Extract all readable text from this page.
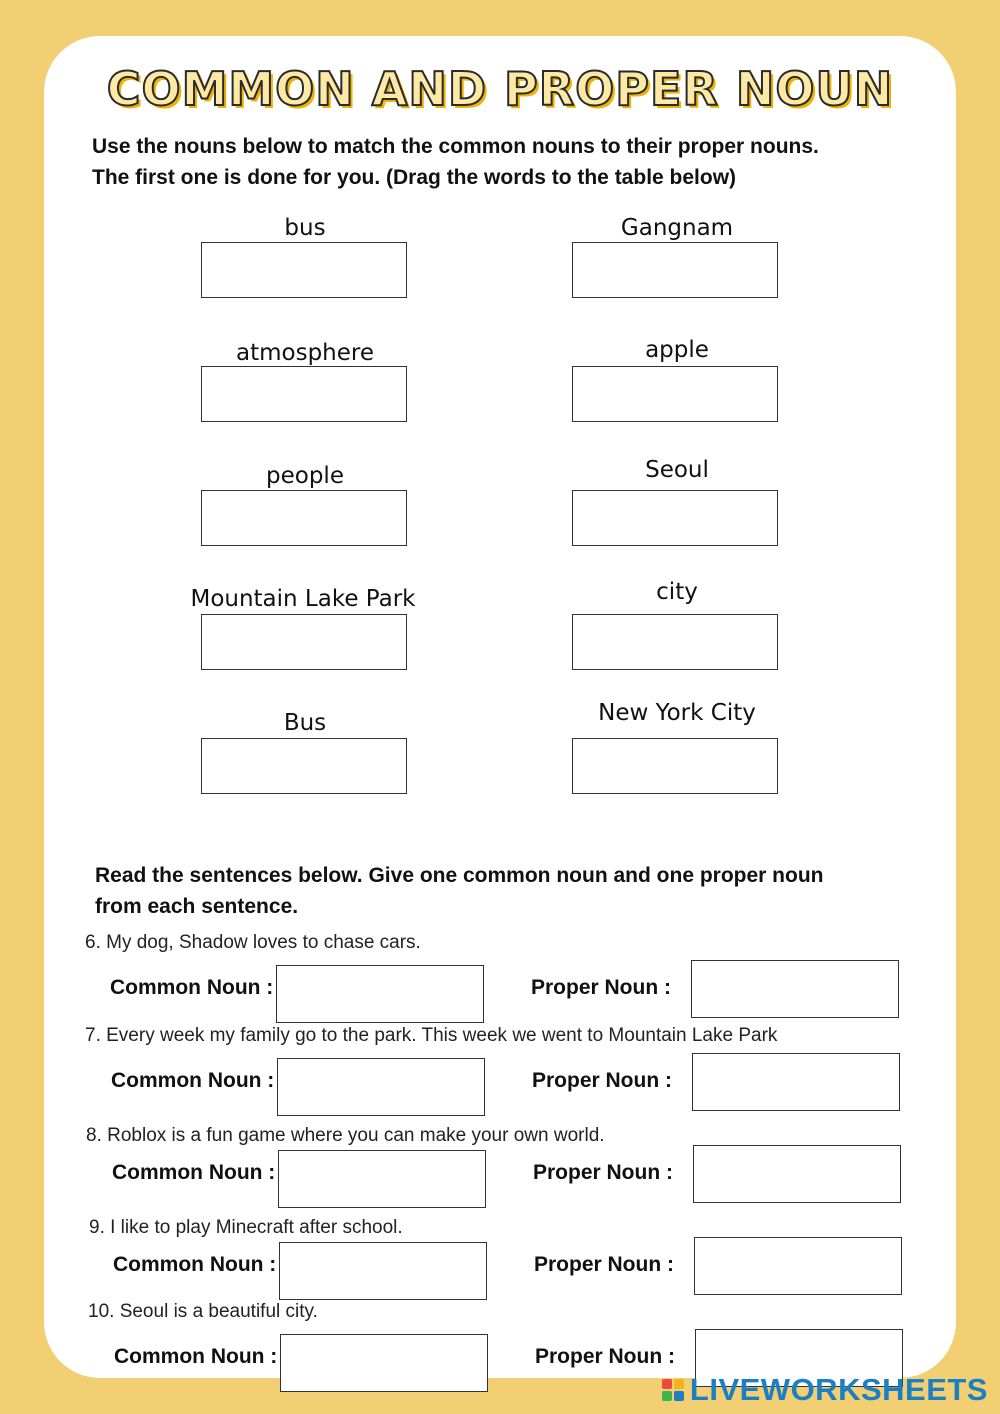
COMMON AND PROPER NOUN
Use the nouns below to match the common nouns to their proper nouns.
The first one is done for you. (Drag the words to the table below)
bus	Gangnam
atmosphere	apple
people	Seoul
Mountain Lake Park	city
Bus	New York City
Read the sentences below. Give one common noun and one proper noun
from each sentence.
6. My dog, Shadow loves to chase cars.
Common Noun :	Proper Noun :
7. Every week my family go to the park. This week we went to Mountain Lake Park
Common Noun :	Proper Noun :
8. Roblox is a fun game where you can make your own world.
Common Noun :	Proper Noun :
9. I like to play Minecraft after school.
Common Noun :	Proper Noun :
10. Seoul is a beautiful city.
Common Noun :	Proper Noun :
LIVEWORKSHEETS
